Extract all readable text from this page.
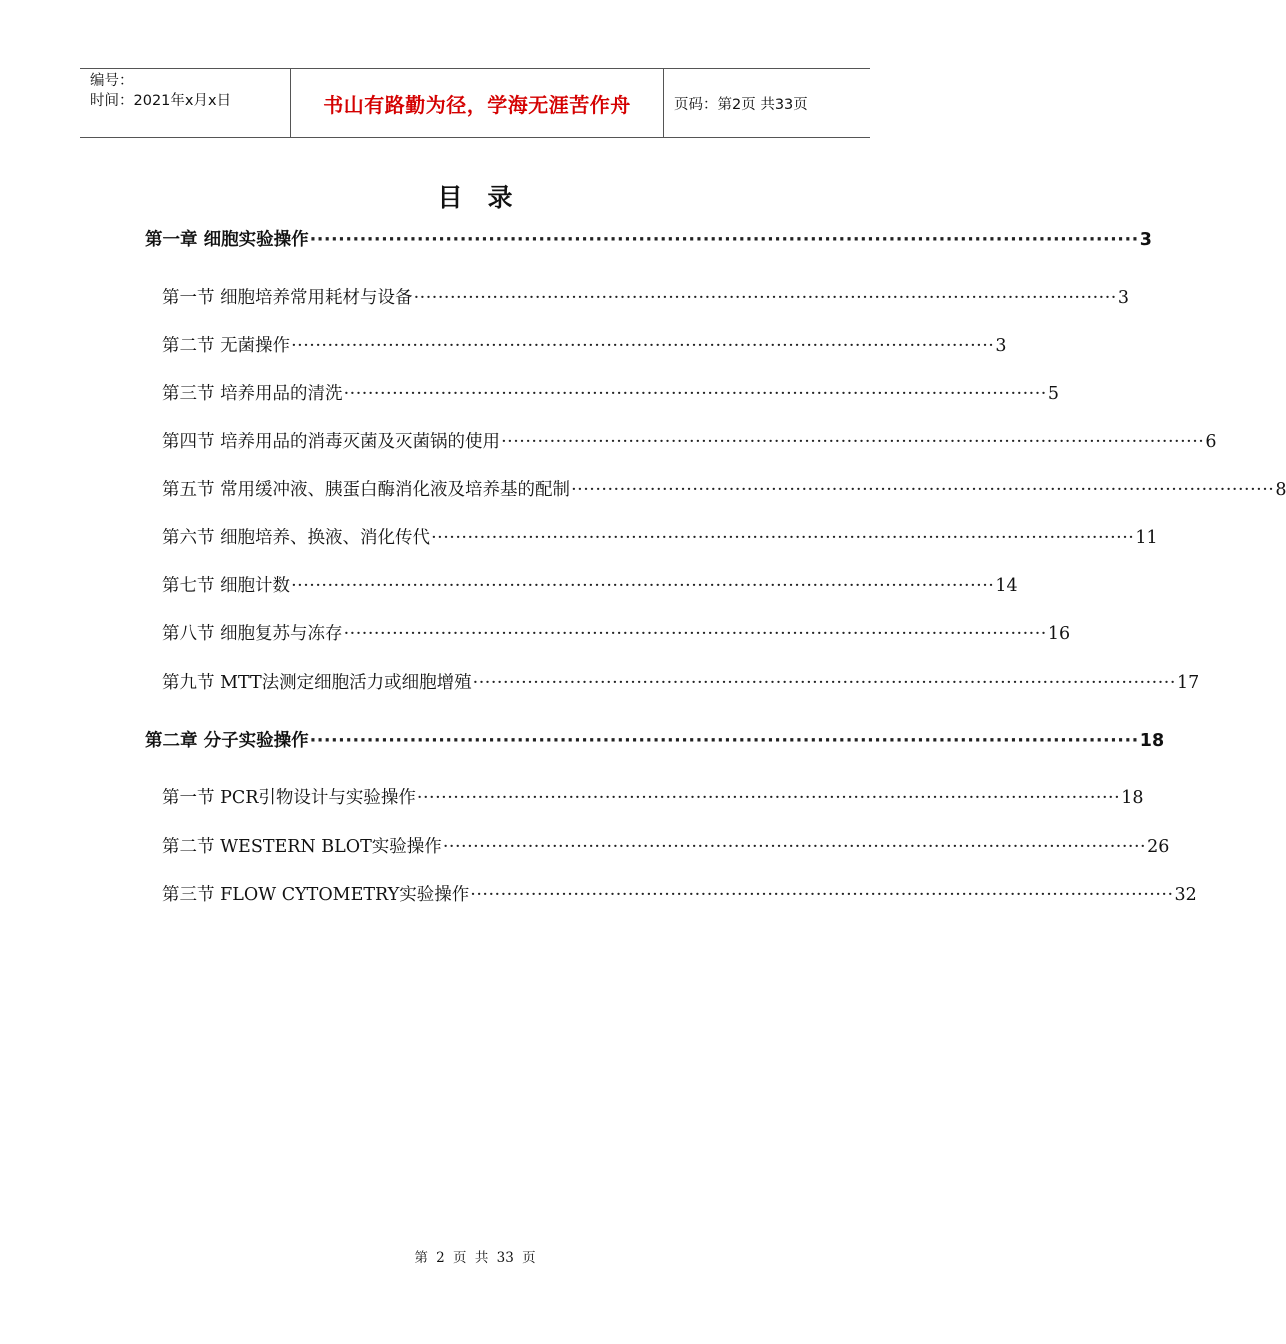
编号：
时间：2021年x月x日	书山有路勤为径，学海无涯苦作舟	页码：第2页 共33页
目　录
第一章 细胞实验操作 ···················································································································· 3
第一节 细胞培养常用耗材与设备 ···················································································································· 3
第二节 无菌操作 ···················································································································· 3
第三节 培养用品的清洗 ···················································································································· 5
第四节 培养用品的消毒灭菌及灭菌锅的使用 ···················································································································· 6
第五节 常用缓冲液、胰蛋白酶消化液及培养基的配制 ···················································································································· 8
第六节 细胞培养、换液、消化传代 ···················································································································· 11
第七节 细胞计数 ···················································································································· 14
第八节 细胞复苏与冻存 ···················································································································· 16
第九节 MTT法测定细胞活力或细胞增殖 ···················································································································· 17
第二章 分子实验操作 ···················································································································· 18
第一节 PCR引物设计与实验操作 ···················································································································· 18
第二节 WESTERN BLOT实验操作 ···················································································································· 26
第三节 FLOW CYTOMETRY实验操作 ···················································································································· 32
第 2 页 共 33 页
